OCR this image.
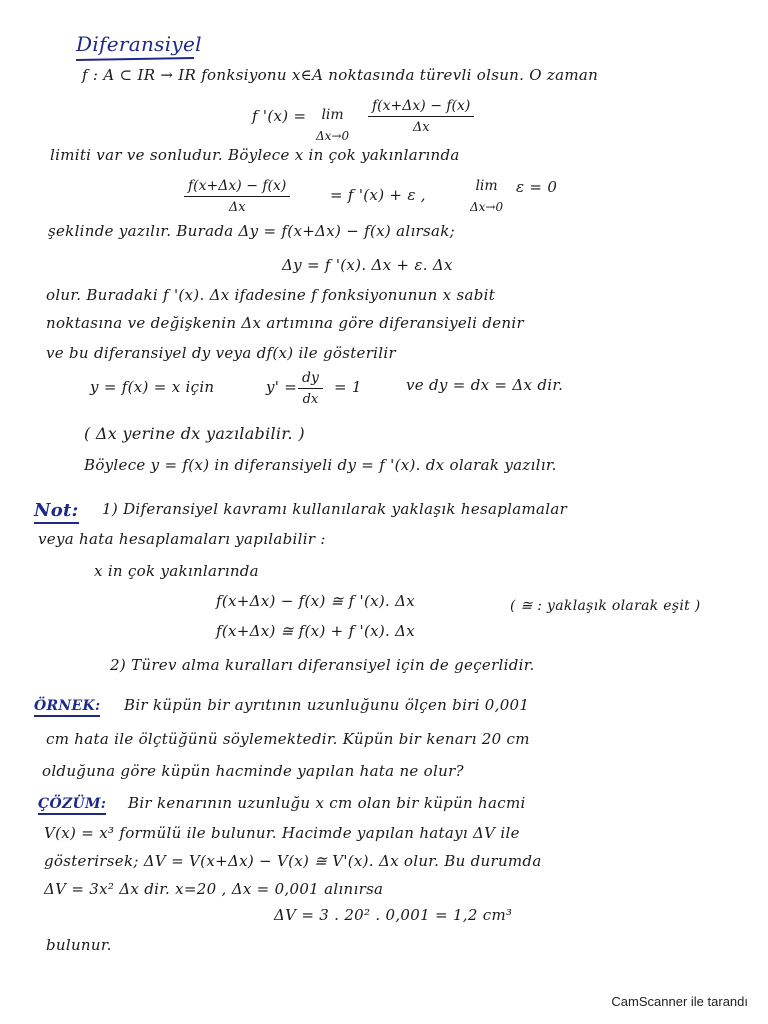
Diferansiyel
f : A ⊂ IR → IR fonksiyonu x∈A noktasında türevli olsun. O zaman
f '(x) = lim
Δx→0
$\frac{f(x+\Delta x) - f(x)}{\Delta x}$
limiti var ve sonludur. Böylece x in çok yakınlarında
$\frac{f(x+\Delta x) - f(x)}{\Delta x}$	= f '(x) + ε ,	lim
Δx→0
ε = 0
şeklinde yazılır. Burada Δy = f(x+Δx) − f(x) alırsak;
Δy = f '(x). Δx + ε. Δx
olur. Buradaki f '(x). Δx ifadesine f fonksiyonunun x sabit
noktasına ve değişkenin Δx artımına göre diferansiyeli denir
ve bu diferansiyel dy veya df(x) ile gösterilir
y = f(x) = x için	$y' = \frac{dy}{dx} = 1$	ve dy = dx = Δx dir.
( Δx yerine dx yazılabilir. )
Böylece y = f(x) in diferansiyeli dy = f '(x). dx olarak yazılır.
Not: 1) Diferansiyel kavramı kullanılarak yaklaşık hesaplamalar
veya hata hesaplamaları yapılabilir :
x in çok yakınlarında
f(x+Δx) − f(x) ≅ f '(x). Δx	( ≅ : yaklaşık olarak eşit )
f(x+Δx) ≅ f(x) + f '(x). Δx
2) Türev alma kuralları diferansiyel için de geçerlidir.
ÖRNEK: Bir küpün bir ayrıtının uzunluğunu ölçen biri 0,001
cm hata ile ölçtüğünü söylemektedir. Küpün bir kenarı 20 cm
olduğuna göre küpün hacminde yapılan hata ne olur?
ÇÖZÜM: Bir kenarının uzunluğu x cm olan bir küpün hacmi
V(x) = x³ formülü ile bulunur. Hacimde yapılan hatayı ΔV ile
gösterirsek; ΔV = V(x+Δx) − V(x) ≅ V'(x). Δx olur. Bu durumda
ΔV = 3x² Δx dir. x=20 , Δx = 0,001 alınırsa
ΔV = 3 . 20² . 0,001 = 1,2 cm³
bulunur.
CamScanner ile tarandı
